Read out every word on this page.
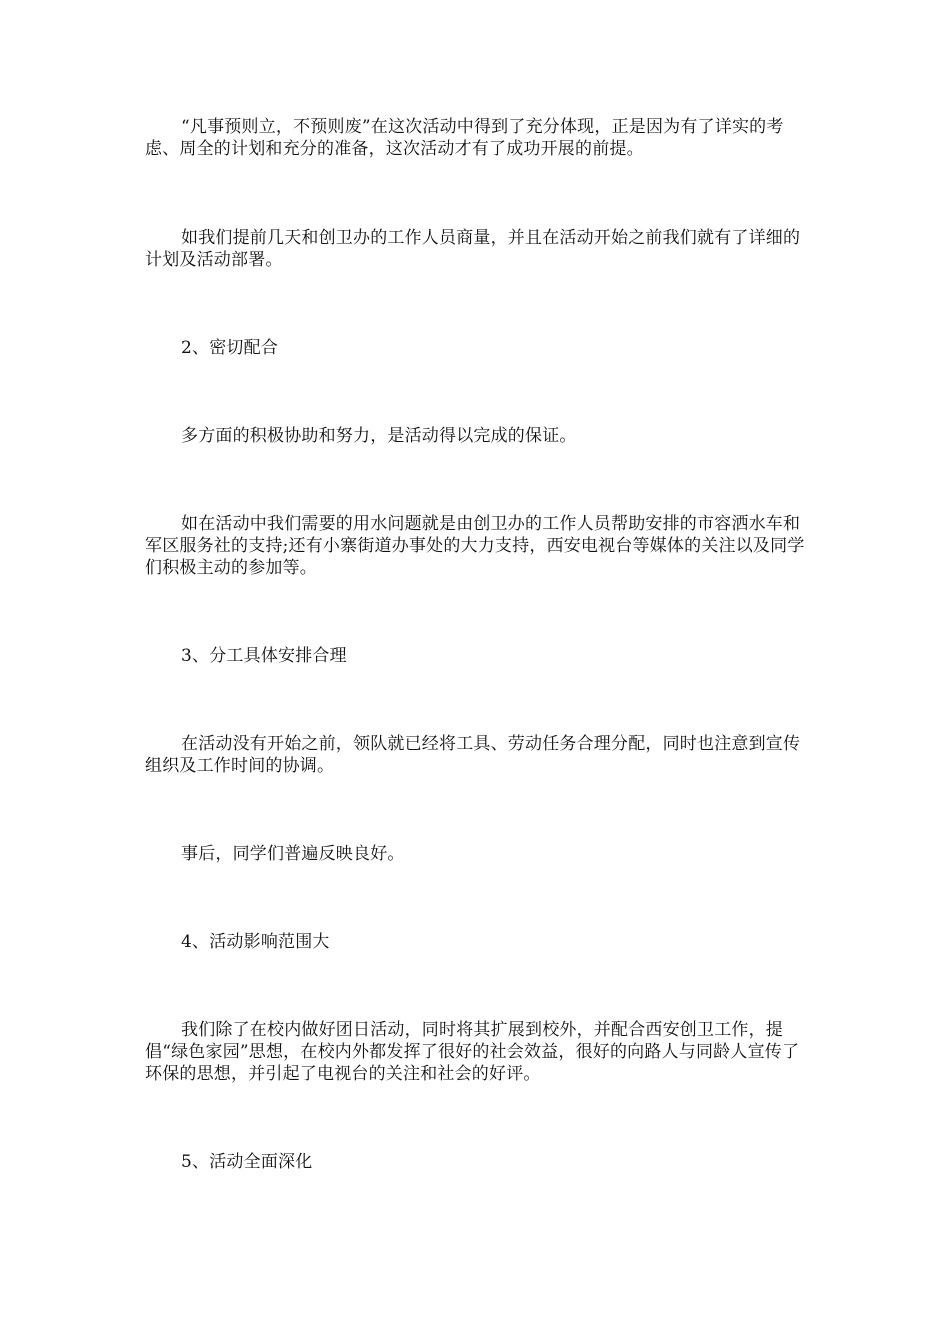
“凡事预则立，不预则废”在这次活动中得到了充分体现，正是因为有了详实的考虑、周全的计划和充分的准备，这次活动才有了成功开展的前提。

如我们提前几天和创卫办的工作人员商量，并且在活动开始之前我们就有了详细的计划及活动部署。

2、密切配合

多方面的积极协助和努力，是活动得以完成的保证。

如在活动中我们需要的用水问题就是由创卫办的工作人员帮助安排的市容洒水车和军区服务社的支持;还有小寨街道办事处的大力支持，西安电视台等媒体的关注以及同学们积极主动的参加等。

3、分工具体安排合理

在活动没有开始之前，领队就已经将工具、劳动任务合理分配，同时也注意到宣传组织及工作时间的协调。

事后，同学们普遍反映良好。

4、活动影响范围大

我们除了在校内做好团日活动，同时将其扩展到校外，并配合西安创卫工作，提倡“绿色家园”思想，在校内外都发挥了很好的社会效益，很好的向路人与同龄人宣传了环保的思想，并引起了电视台的关注和社会的好评。

5、活动全面深化
